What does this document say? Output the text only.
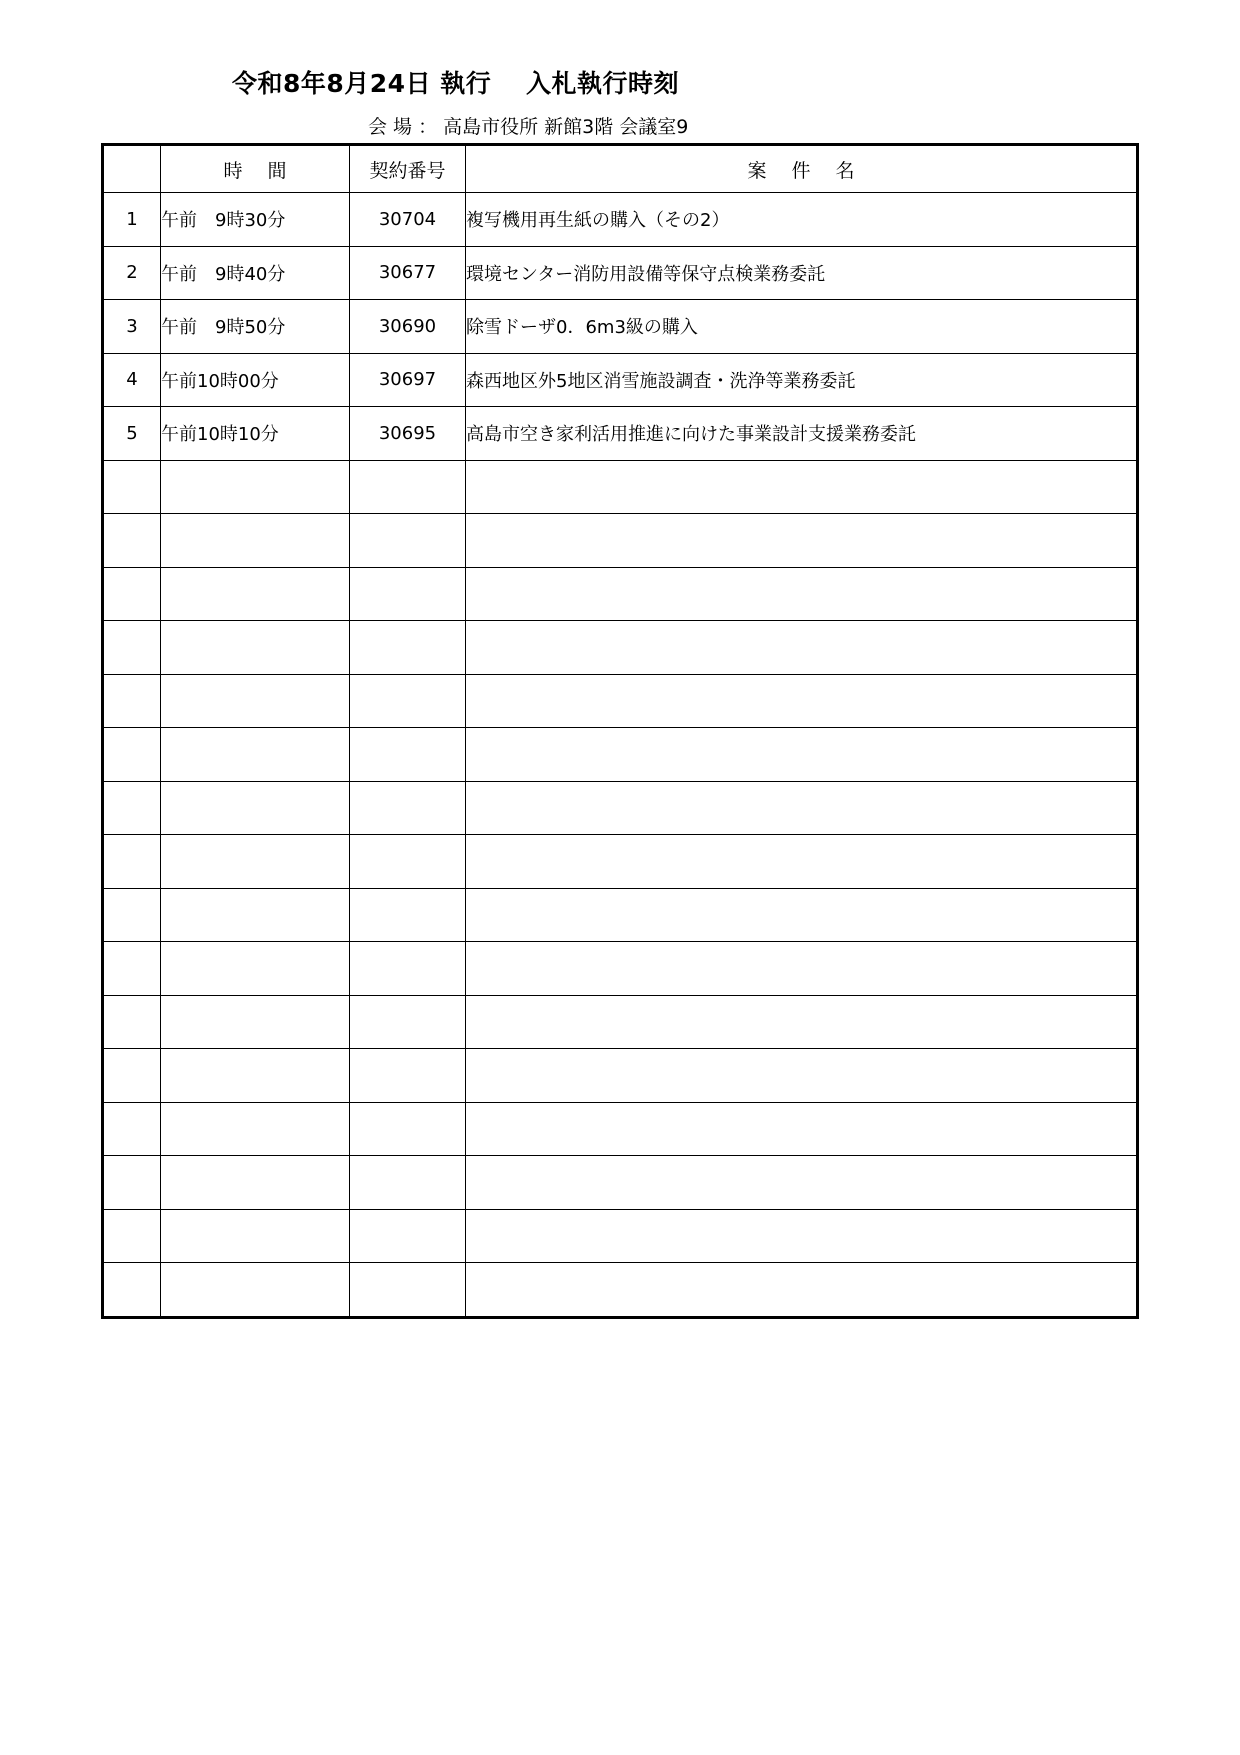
令和8年8月24日 執行　 入札執行時刻
会 場 ： 高島市役所 新館3階 会議室9
	時　 間	契約番号	案　 件　 名
1	午前　9時30分	30704	複写機用再生紙の購入（その2）
2	午前　9時40分	30677	環境センター消防用設備等保守点検業務委託
3	午前　9時50分	30690	除雪ドーザ0．6m3級の購入
4	午前10時00分	30697	森西地区外5地区消雪施設調査・洗浄等業務委託
5	午前10時10分	30695	高島市空き家利活用推進に向けた事業設計支援業務委託
